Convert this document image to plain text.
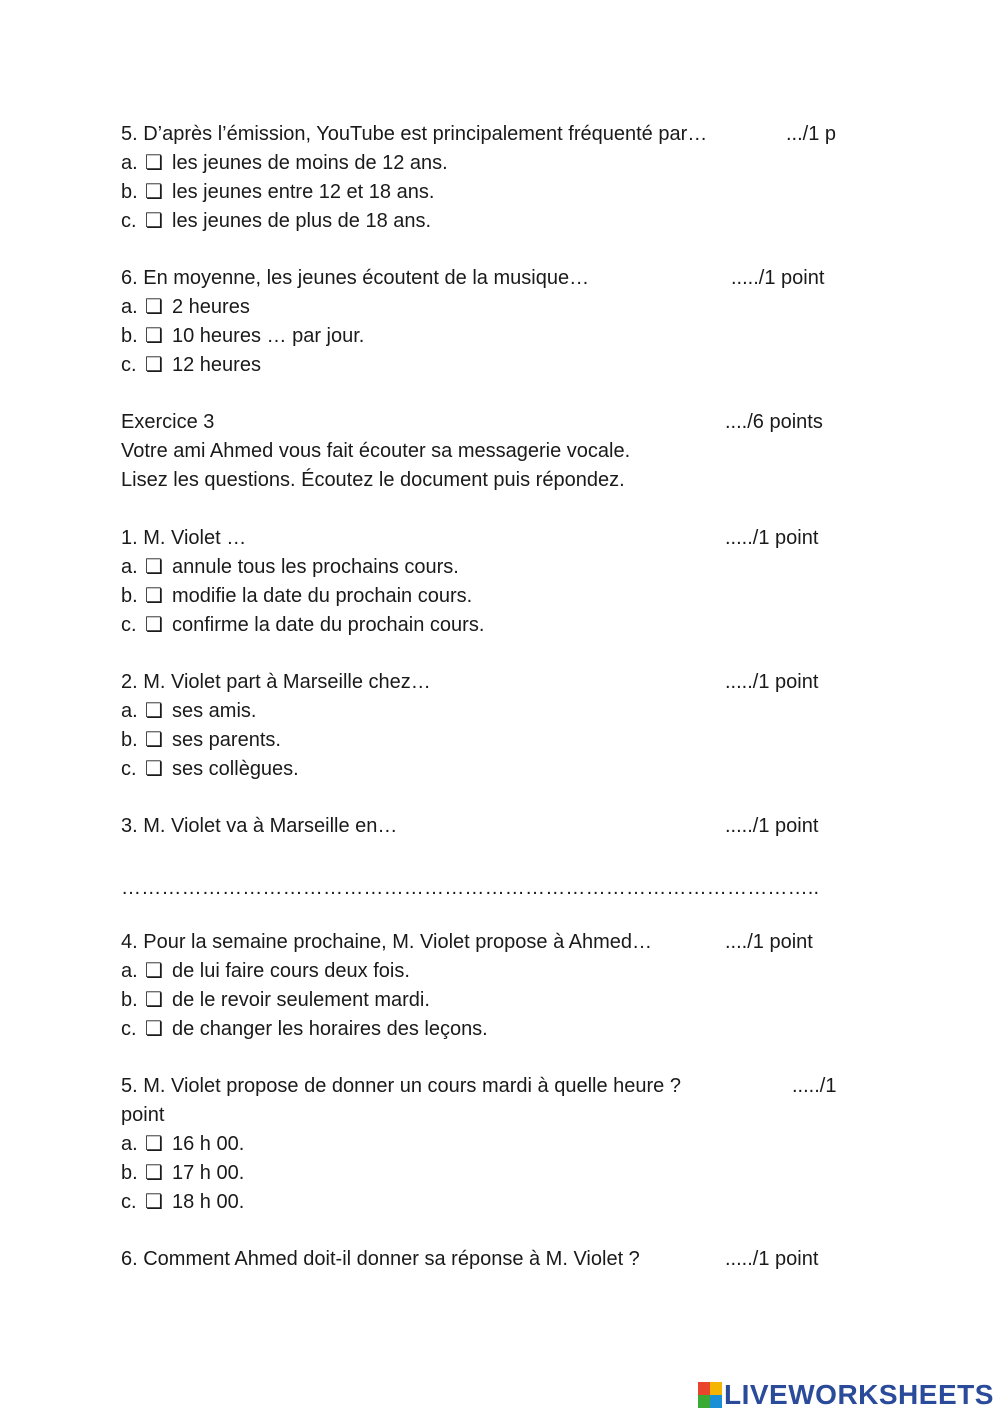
5. D’après l’émission, YouTube est principalement fréquenté par…	.../1 p
a. ❏ les jeunes de moins de 12 ans.
b. ❏ les jeunes entre 12 et 18 ans.
c. ❏ les jeunes de plus de 18 ans.
6. En moyenne, les jeunes écoutent de la musique…	...../1 point
a. ❏ 2 heures
b. ❏ 10 heures … par jour.
c. ❏ 12 heures
Exercice 3	..../6 points
Votre ami Ahmed vous fait écouter sa messagerie vocale.
Lisez les questions. Écoutez le document puis répondez.
1. M. Violet …	...../1 point
a. ❏ annule tous les prochains cours.
b. ❏ modifie la date du prochain cours.
c. ❏ confirme la date du prochain cours.
2. M. Violet part à Marseille chez…	...../1 point
a. ❏ ses amis.
b. ❏ ses parents.
c. ❏ ses collègues.
3. M. Violet va à Marseille en…	...../1 point
…………………………………………………………………………………………..
4. Pour la semaine prochaine, M. Violet propose à Ahmed…	..../1 point
a. ❏ de lui faire cours deux fois.
b. ❏ de le revoir seulement mardi.
c. ❏ de changer les horaires des leçons.
5. M. Violet propose de donner un cours mardi à quelle heure ?	...../1
point
a. ❏ 16 h 00.
b. ❏ 17 h 00.
c. ❏ 18 h 00.
6. Comment Ahmed doit-il donner sa réponse à M. Violet ?	...../1 point
LIVEWORKSHEETS
